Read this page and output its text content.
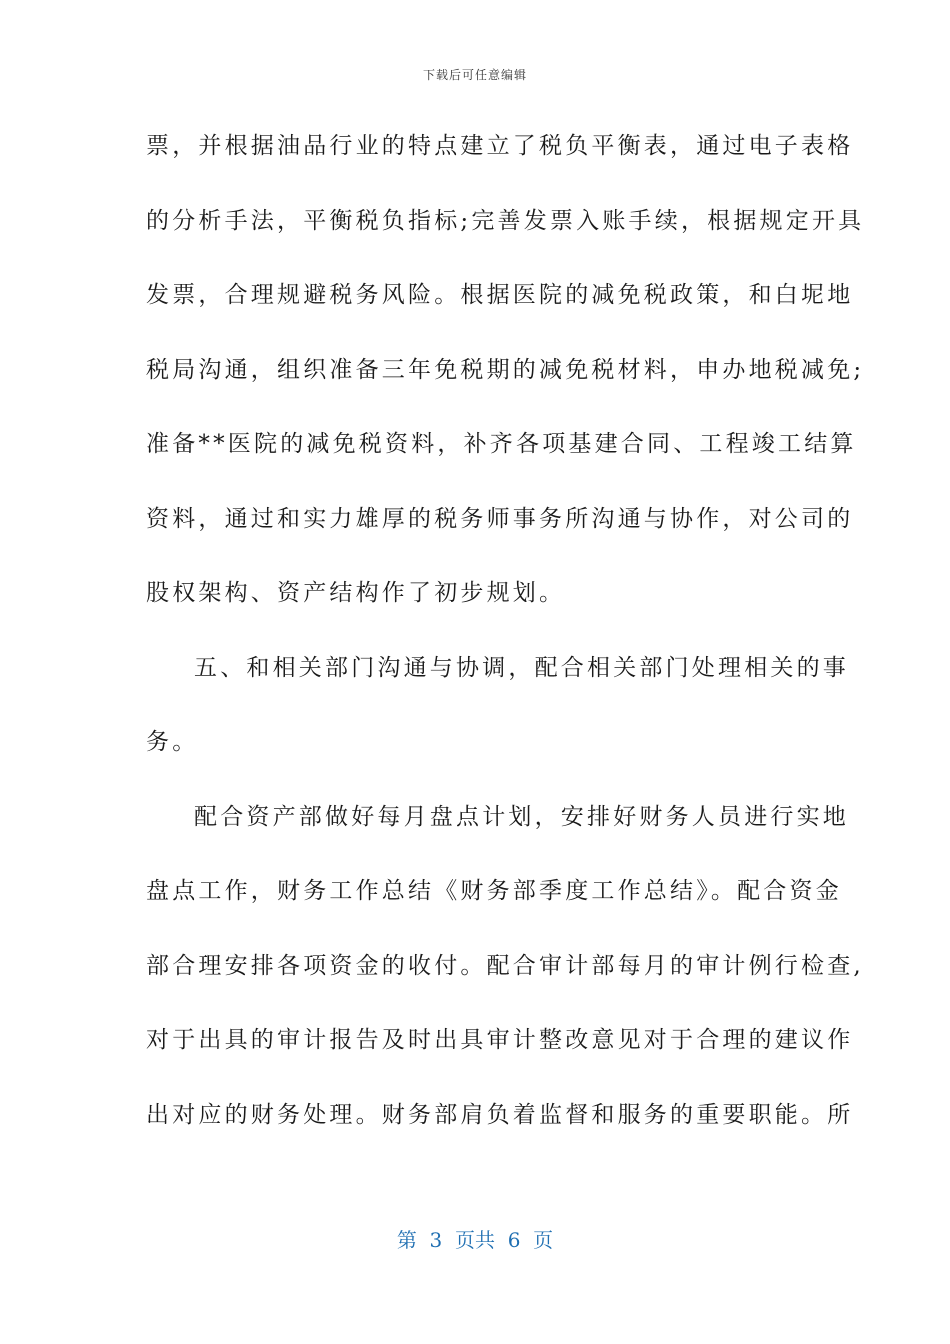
下载后可任意编辑
票，并根据油品行业的特点建立了税负平衡表，通过电子表格
的分析手法，平衡税负指标;完善发票入账手续，根据规定开具
发票，合理规避税务风险。根据医院的减免税政策，和白坭地
税局沟通，组织准备三年免税期的减免税材料，申办地税减免;
准备**医院的减免税资料，补齐各项基建合同、工程竣工结算
资料，通过和实力雄厚的税务师事务所沟通与协作，对公司的
股权架构、资产结构作了初步规划。
五、和相关部门沟通与协调，配合相关部门处理相关的事
务。
配合资产部做好每月盘点计划，安排好财务人员进行实地
盘点工作，财务工作总结《财务部季度工作总结》。配合资金
部合理安排各项资金的收付。配合审计部每月的审计例行检查,
对于出具的审计报告及时出具审计整改意见对于合理的建议作
出对应的财务处理。财务部肩负着监督和服务的重要职能。所
第  3  页共  6  页
